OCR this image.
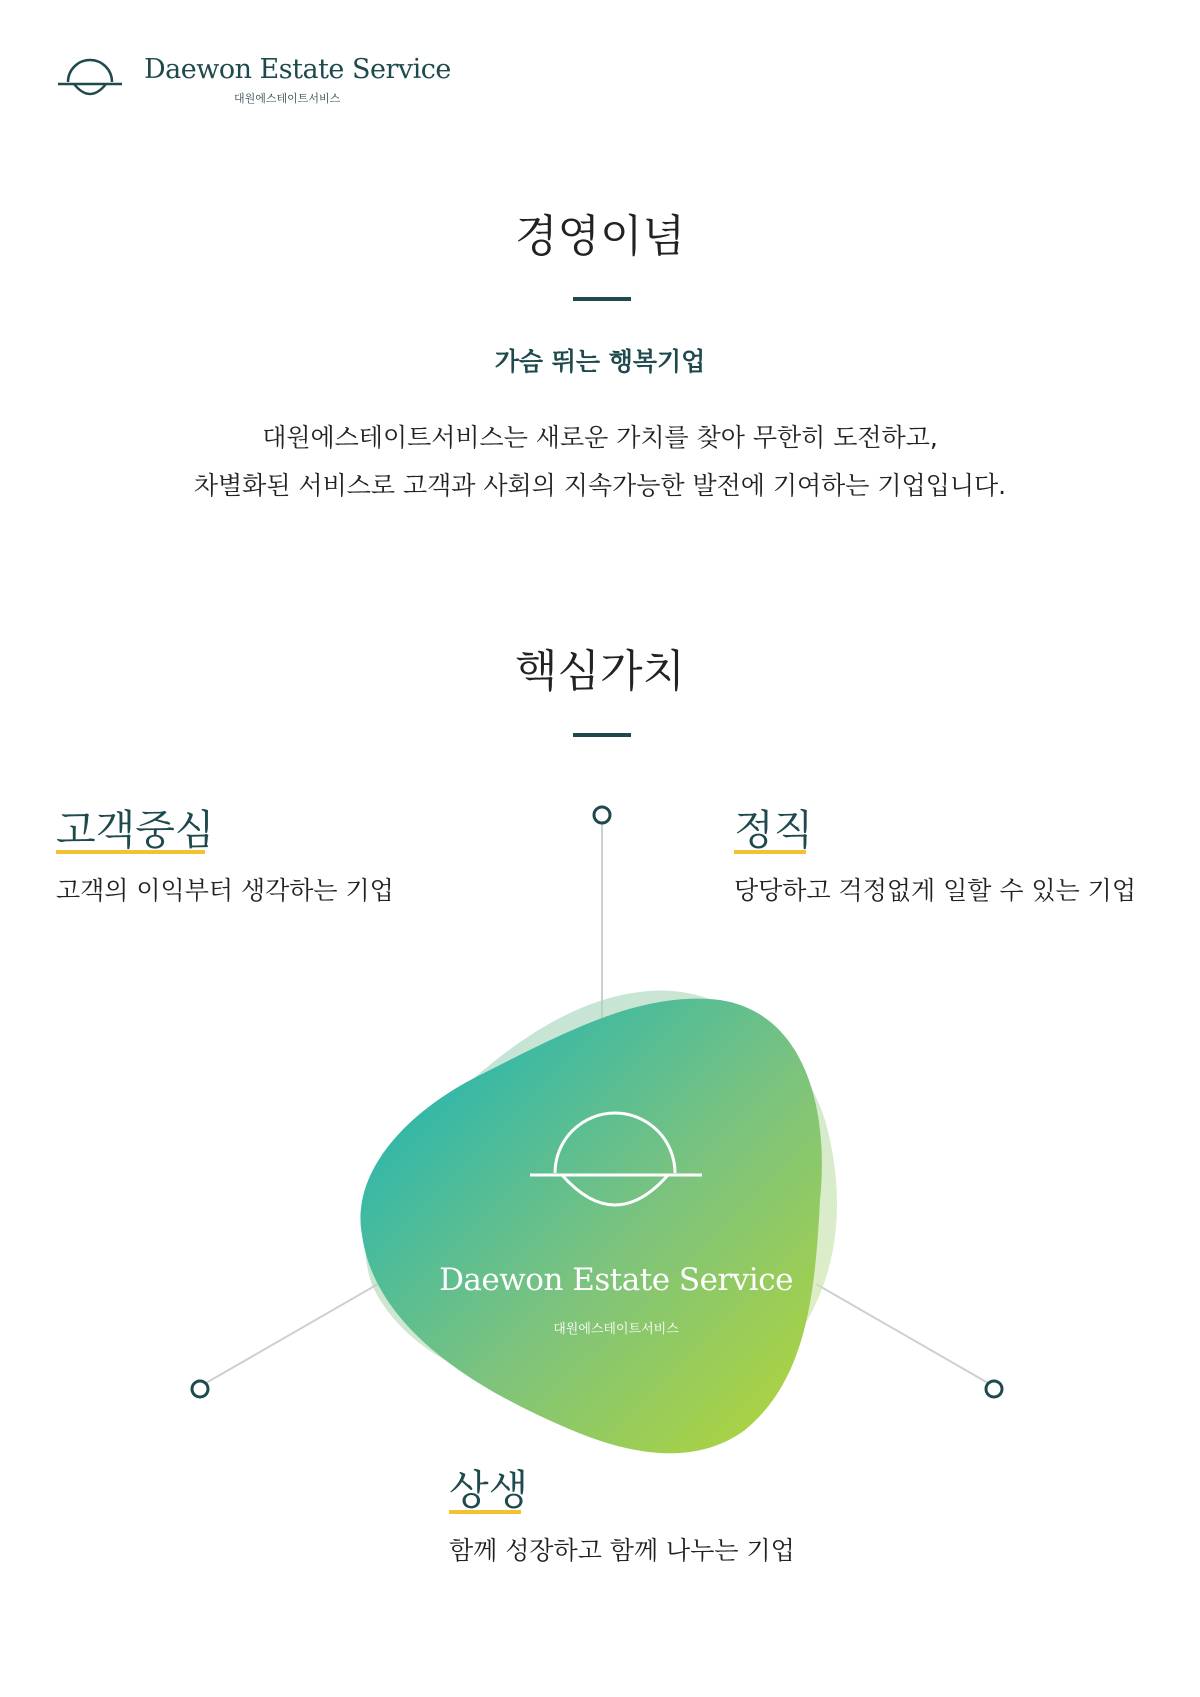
Daewon Estate Service
대원에스테이트서비스
경영이념
가슴 뛰는 행복기업
대원에스테이트서비스는 새로운 가치를 찾아 무한히 도전하고,
차별화된 서비스로 고객과 사회의 지속가능한 발전에 기여하는 기업입니다.
핵심가치
Daewon Estate Service
대원에스테이트서비스
고객중심
고객의 이익부터 생각하는 기업
정직
당당하고 걱정없게 일할 수 있는 기업
상생
함께 성장하고 함께 나누는 기업
